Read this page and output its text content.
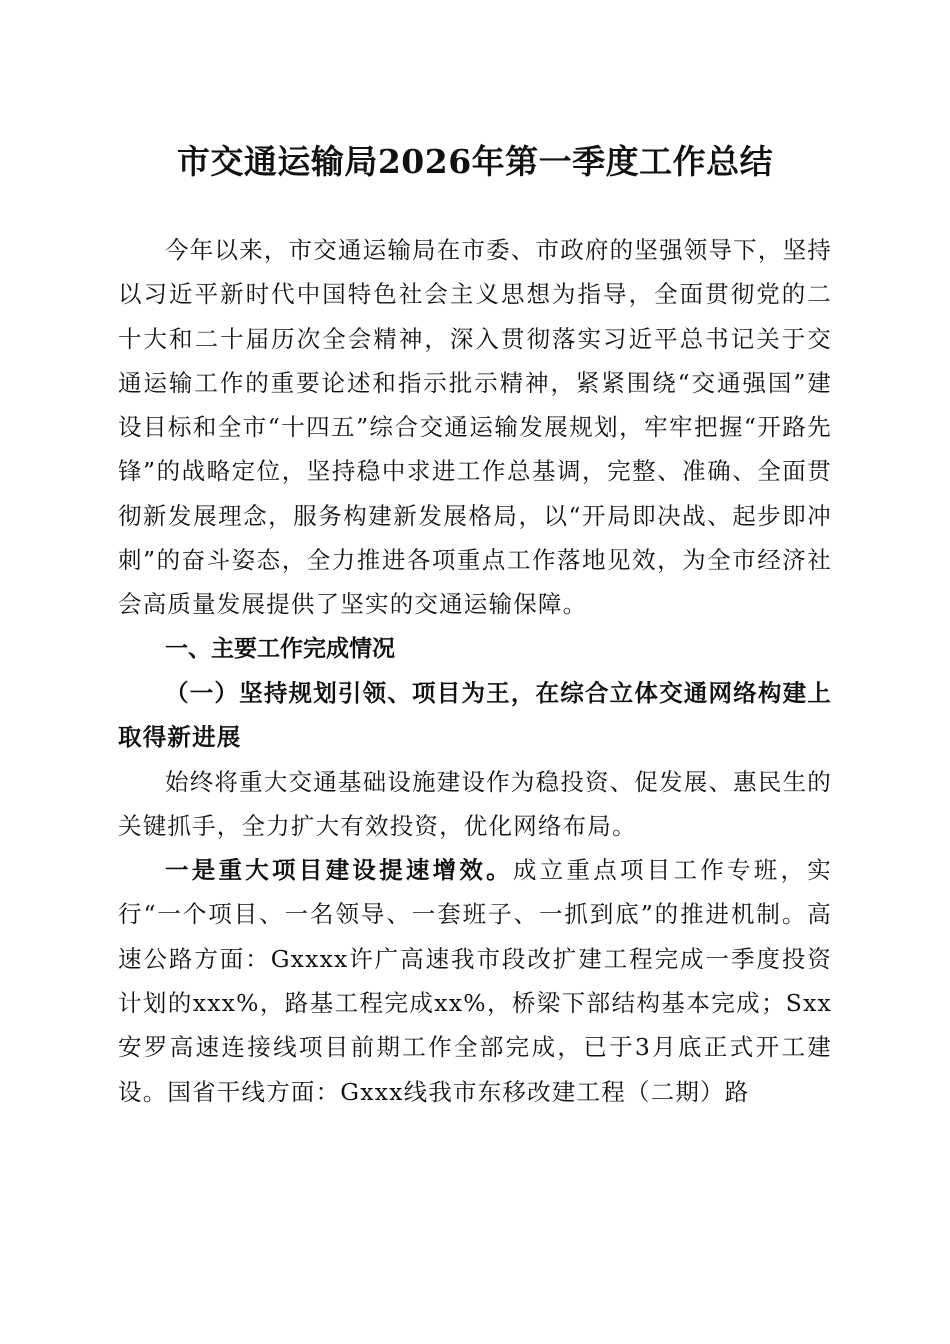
市交通运输局2026年第一季度工作总结

今年以来，市交通运输局在市委、市政府的坚强领导下，坚持以习近平新时代中国特色社会主义思想为指导，全面贯彻党的二十大和二十届历次全会精神，深入贯彻落实习近平总书记关于交通运输工作的重要论述和指示批示精神，紧紧围绕“交通强国”建设目标和全市“十四五”综合交通运输发展规划，牢牢把握“开路先锋”的战略定位，坚持稳中求进工作总基调，完整、准确、全面贯彻新发展理念，服务构建新发展格局，以“开局即决战、起步即冲刺”的奋斗姿态，全力推进各项重点工作落地见效，为全市经济社会高质量发展提供了坚实的交通运输保障。

一、主要工作完成情况

（一）坚持规划引领、项目为王，在综合立体交通网络构建上取得新进展

始终将重大交通基础设施建设作为稳投资、促发展、惠民生的关键抓手，全力扩大有效投资，优化网络布局。

一是重大项目建设提速增效。成立重点项目工作专班，实行“一个项目、一名领导、一套班子、一抓到底”的推进机制。高速公路方面：Gxxxx许广高速我市段改扩建工程完成一季度投资计划的xxx%，路基工程完成xx%，桥梁下部结构基本完成；Sxx安罗高速连接线项目前期工作全部完成，已于3月底正式开工建设。国省干线方面：Gxxx线我市东移改建工程（二期）路
